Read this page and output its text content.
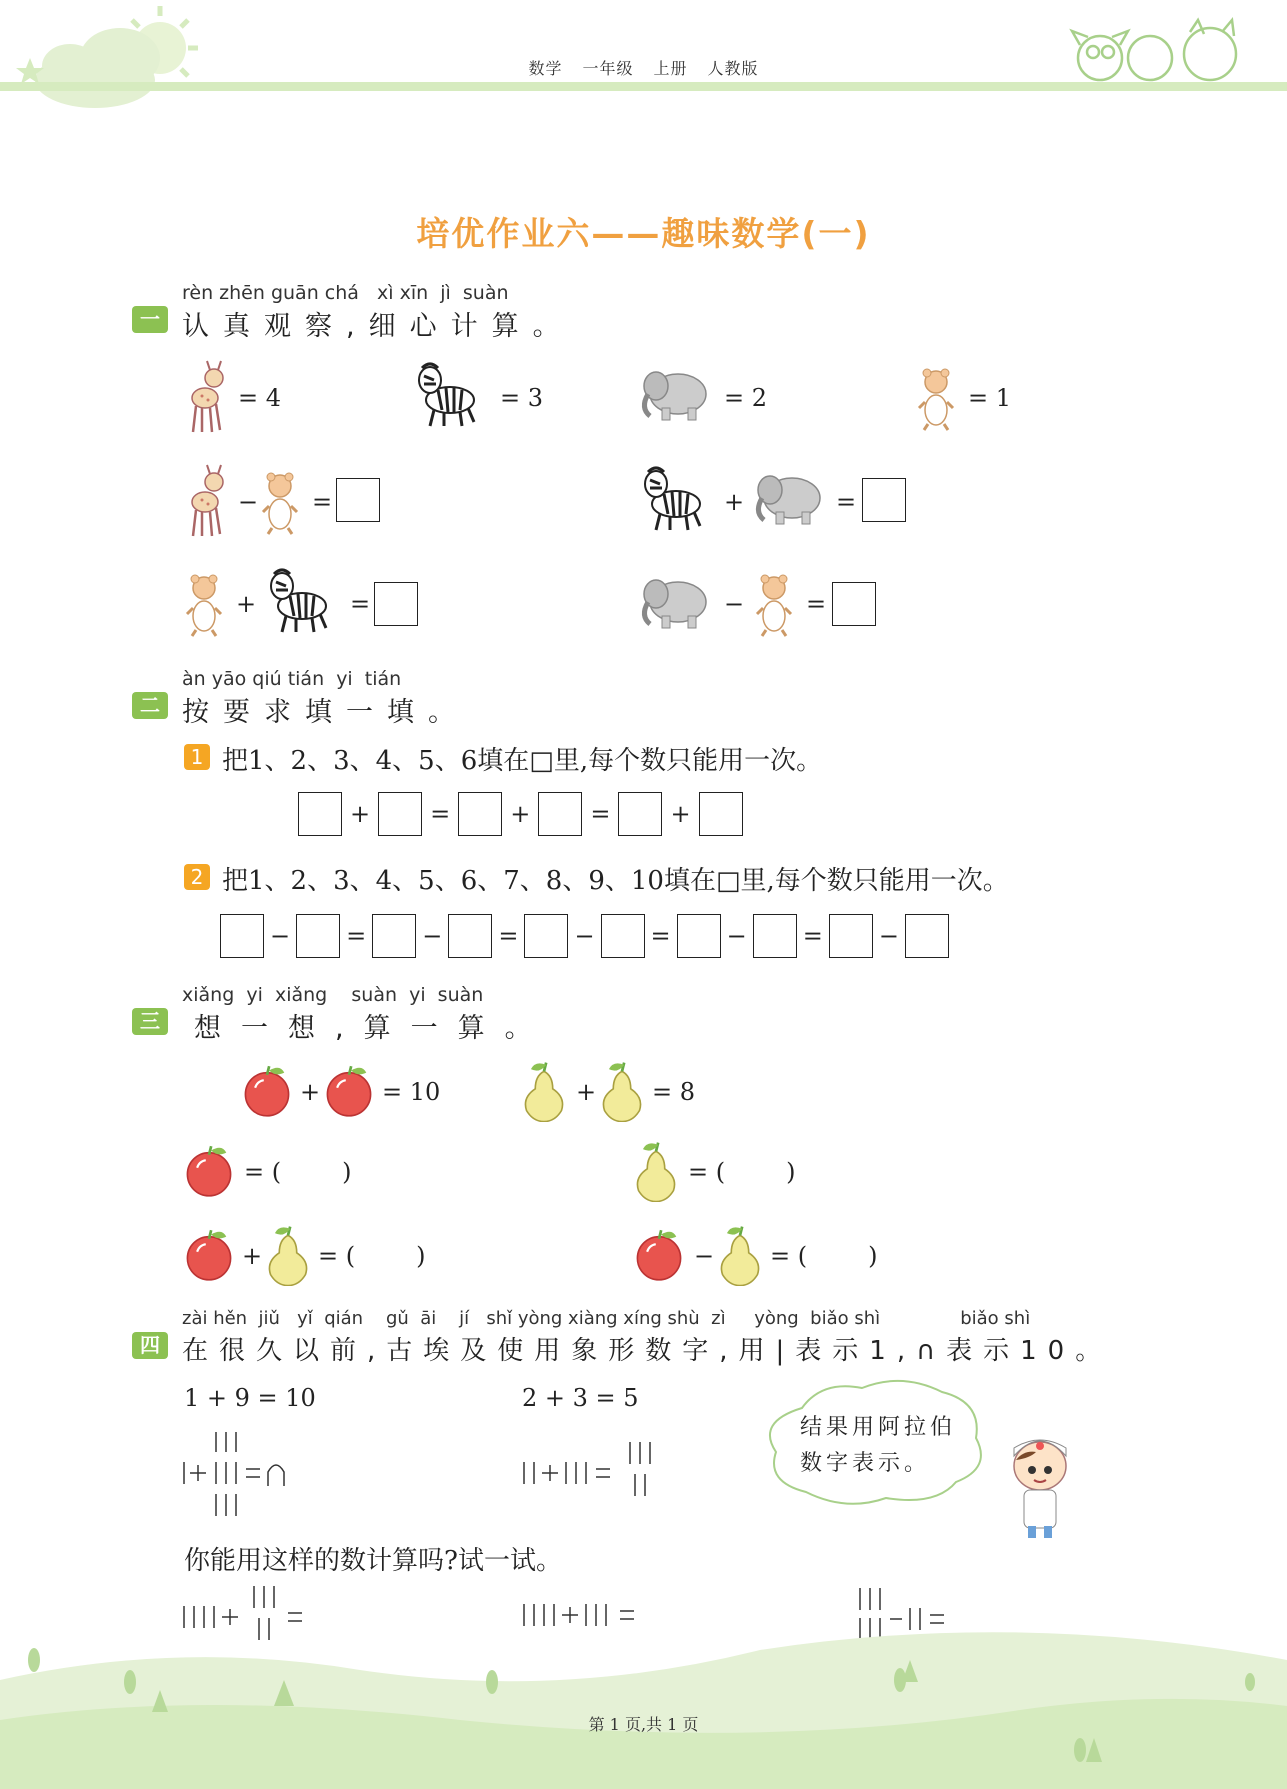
数学 一年级 上册 人教版
培优作业六——趣味数学(一)
rèn zhēn guān chá   xì xīn  jì  suàn
一 认真观察,细心计算。
= 4	= 3	= 2	= 1
− =	+	=
+	=	−	=
àn yāo qiú tián  yi  tián
二 按要求填一填。
1 把1、2、3、4、5、6填在□里,每个数只能用一次。
+	=	+	=	+
2 把1、2、3、4、5、6、7、8、9、10填在□里,每个数只能用一次。
− = − = − = − = −
xiǎng  yi  xiǎng    suàn  yi  suàn
三 想一想,算一算。
+	= 10	+ = 8
= (        )	= (        )
+ = (        )	− = (        )
zài hěn  jiǔ   yǐ  qián    gǔ  āi    jí   shǐ yòng xiàng xíng shù  zì     yòng  biǎo shì              biǎo shì
四 在很久以前,古埃及使用象形数字,用|表示1,∩表示10。
1 + 9 = 10	2 + 3 = 5
结果用阿拉伯
数字表示。
你能用这样的数计算吗?试一试。
第 1 页,共 1 页
